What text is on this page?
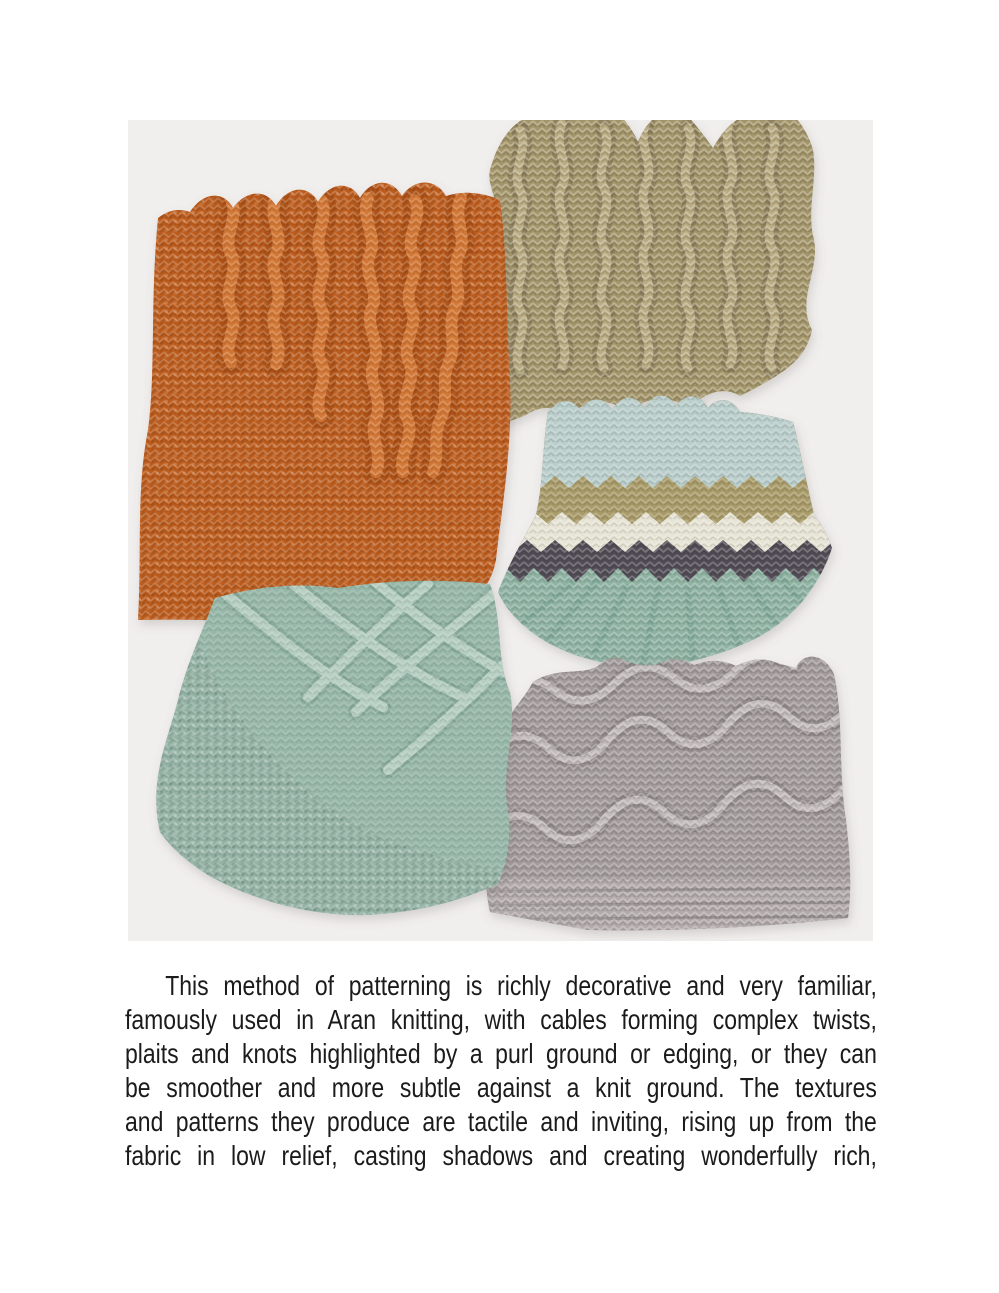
This method of patterning is richly decorative and very familiar,
famously used in Aran knitting, with cables forming complex twists,
plaits and knots highlighted by a purl ground or edging, or they can
be smoother and more subtle against a knit ground. The textures
and patterns they produce are tactile and inviting, rising up from the
fabric in low relief, casting shadows and creating wonderfully rich,
